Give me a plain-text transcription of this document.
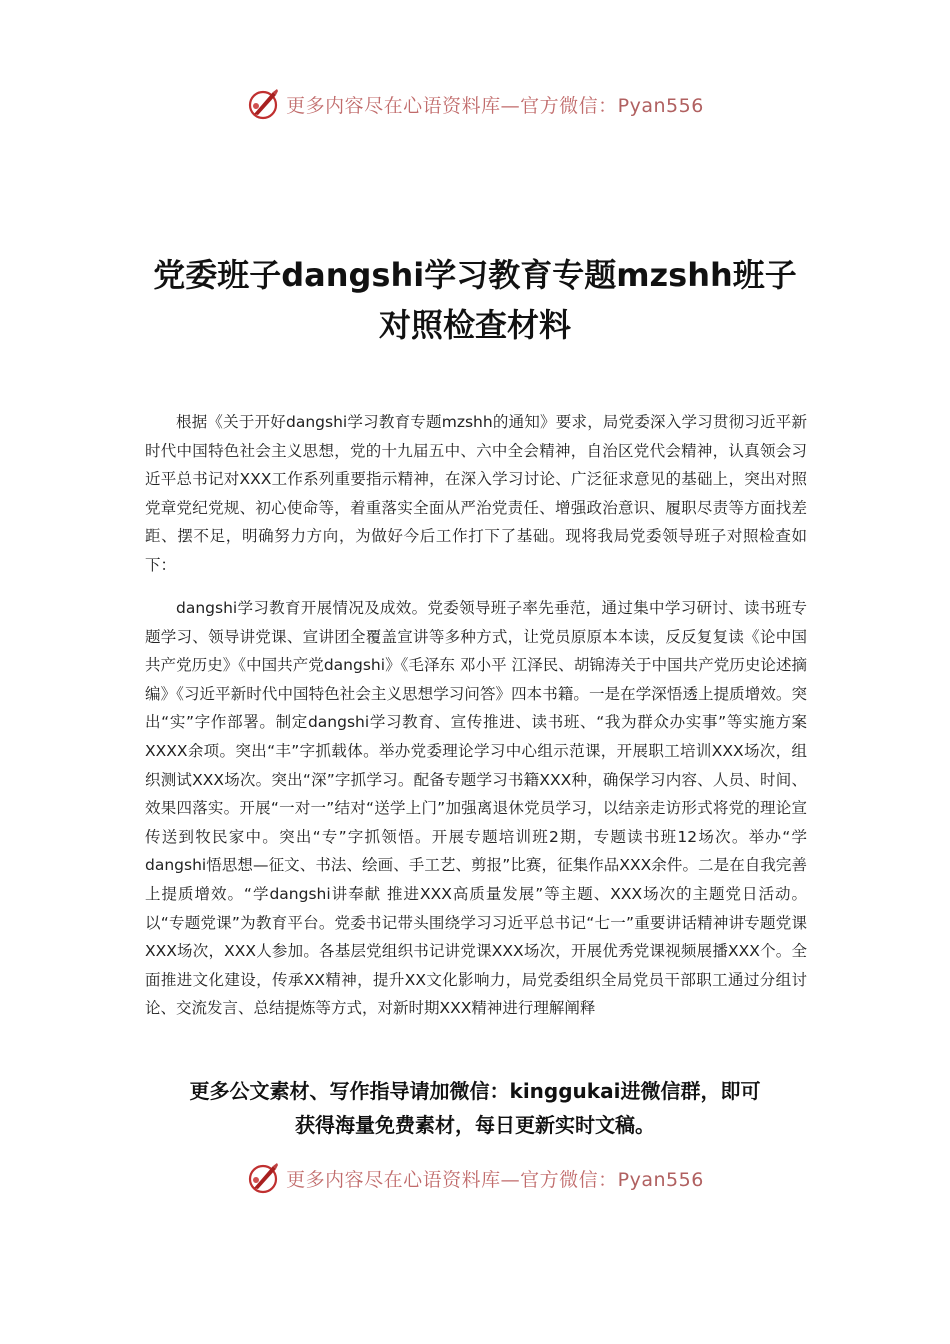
更多内容尽在心语资料库—官方微信：Pyan556
党委班子dangshi学习教育专题mzshh班子
对照检查材料

根据《关于开好dangshi学习教育专题mzshh的通知》要求，局党委深入学习贯彻习近平新时代中国特色社会主义思想，党的十九届五中、六中全会精神，自治区党代会精神，认真领会习近平总书记对XXX工作系列重要指示精神，在深入学习讨论、广泛征求意见的基础上，突出对照党章党纪党规、初心使命等，着重落实全面从严治党责任、增强政治意识、履职尽责等方面找差距、摆不足，明确努力方向，为做好今后工作打下了基础。现将我局党委领导班子对照检查如下：

dangshi学习教育开展情况及成效。党委领导班子率先垂范，通过集中学习研讨、读书班专题学习、领导讲党课、宣讲团全覆盖宣讲等多种方式，让党员原原本本读，反反复复读《论中国共产党历史》《中国共产党dangshi》《毛泽东 邓小平 江泽民、胡锦涛关于中国共产党历史论述摘编》《习近平新时代中国特色社会主义思想学习问答》四本书籍。一是在学深悟透上提质增效。突出“实”字作部署。制定dangshi学习教育、宣传推进、读书班、“我为群众办实事”等实施方案XXXX余项。突出“丰”字抓载体。举办党委理论学习中心组示范课，开展职工培训XXX场次，组织测试XXX场次。突出“深”字抓学习。配备专题学习书籍XXX种，确保学习内容、人员、时间、效果四落实。开展“一对一”结对“送学上门”加强离退休党员学习，以结亲走访形式将党的理论宣传送到牧民家中。突出“专”字抓领悟。开展专题培训班2期，专题读书班12场次。举办“学dangshi悟思想—征文、书法、绘画、手工艺、剪报”比赛，征集作品XXX余件。二是在自我完善上提质增效。“学dangshi讲奉献 推进XXX高质量发展”等主题、XXX场次的主题党日活动。以“专题党课”为教育平台。党委书记带头围绕学习习近平总书记“七一”重要讲话精神讲专题党课XXX场次，XXX人参加。各基层党组织书记讲党课XXX场次，开展优秀党课视频展播XXX个。全面推进文化建设，传承XX精神，提升XX文化影响力，局党委组织全局党员干部职工通过分组讨论、交流发言、总结提炼等方式，对新时期XXX精神进行理解阐释

更多公文素材、写作指导请加微信：kinggukai进微信群，即可
获得海量免费素材，每日更新实时文稿。
更多内容尽在心语资料库—官方微信：Pyan556
